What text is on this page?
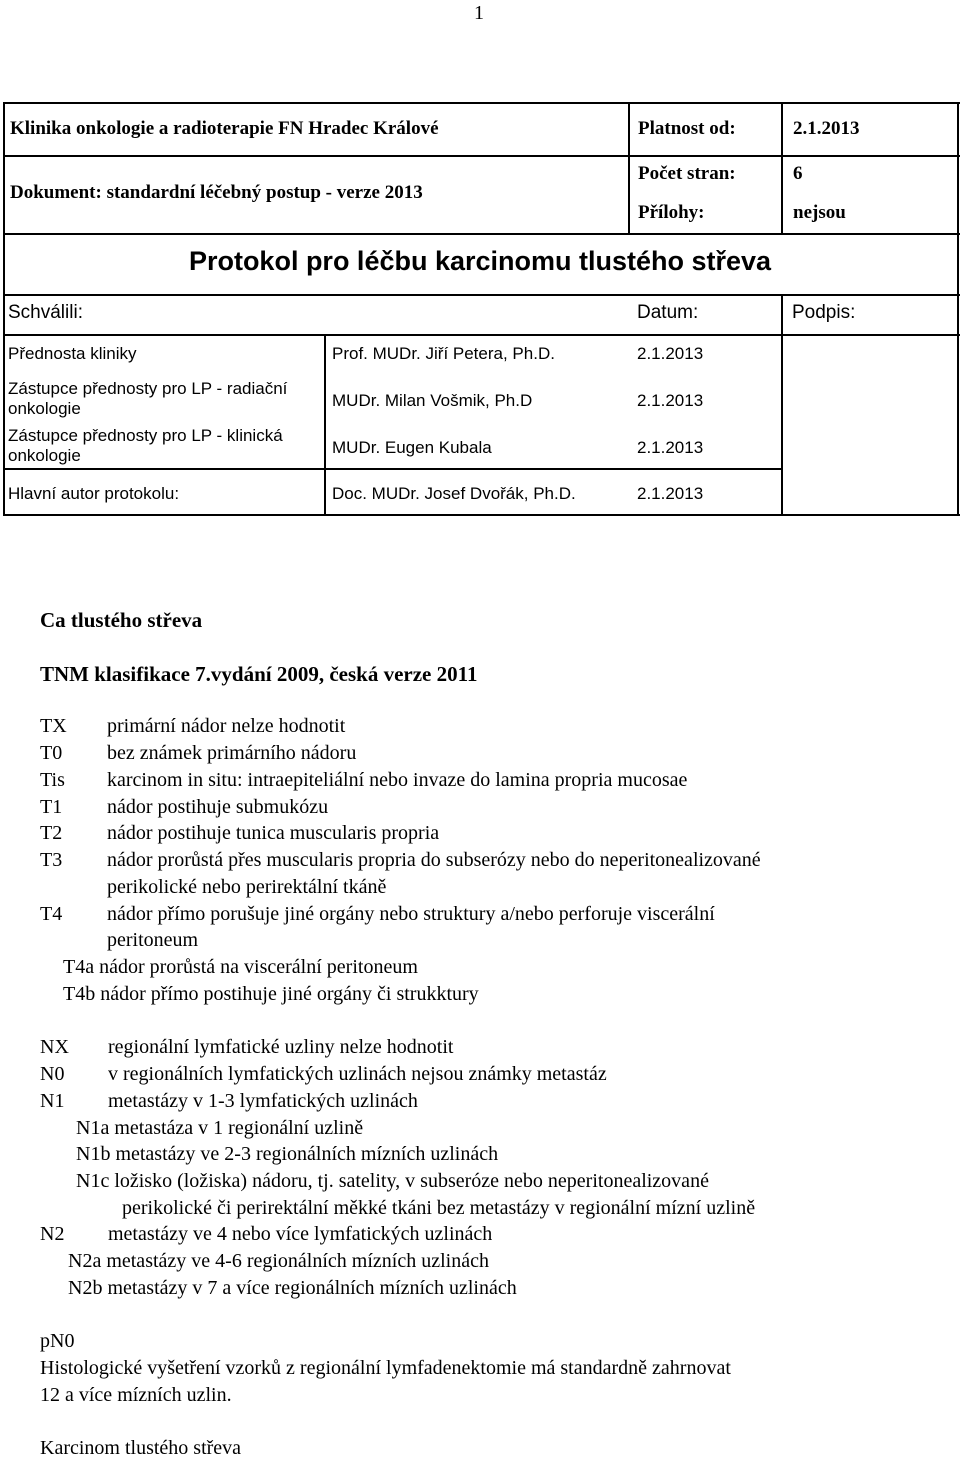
1
Klinika onkologie a radioterapie FN Hradec Králové	Platnost od:	2.1.2013
Dokument: standardní léčebný postup - verze 2013
Počet stran:	6
Přílohy:	nejsou
Protokol pro léčbu karcinomu tlustého střeva
Schválili:	Datum:	Podpis:
Přednosta kliniky	Prof. MUDr. Jiří Petera, Ph.D.	2.1.2013
Zástupce přednosty pro LP - radiační onkologie	MUDr. Milan Vošmik, Ph.D	2.1.2013
Zástupce přednosty pro LP - klinická onkologie	MUDr. Eugen Kubala	2.1.2013
Hlavní autor protokolu:	Doc. MUDr. Josef Dvořák, Ph.D.	2.1.2013
Ca tlustého střeva
TNM klasifikace 7.vydání 2009, česká verze 2011
TX primární nádor nelze hodnotit
T0 bez známek primárního nádoru
Tis karcinom in situ: intraepiteliální nebo invaze do lamina propria mucosae
T1 nádor postihuje submukózu
T2 nádor postihuje tunica muscularis propria
T3 nádor prorůstá přes muscularis propria do subserózy nebo do neperitonealizované
perikolické nebo perirektální tkáně
T4 nádor přímo porušuje jiné orgány nebo struktury a/nebo perforuje viscerální
peritoneum
T4a nádor prorůstá na viscerální peritoneum
T4b nádor přímo postihuje jiné orgány či strukktury
NX regionální lymfatické uzliny nelze hodnotit
N0 v regionálních lymfatických uzlinách nejsou známky metastáz
N1 metastázy v 1-3 lymfatických uzlinách
N1a metastáza v 1 regionální uzlině
N1b metastázy ve 2-3 regionálních mízních uzlinách
N1c ložisko (ložiska) nádoru, tj. satelity, v subseróze nebo neperitonealizované
perikolické či perirektální měkké tkáni bez metastázy v regionální mízní uzlině
N2 metastázy ve 4 nebo více lymfatických uzlinách
N2a metastázy ve 4-6 regionálních mízních uzlinách
N2b metastázy v 7 a více regionálních mízních uzlinách
pN0
Histologické vyšetření vzorků z regionální lymfadenektomie má standardně zahrnovat
12 a více mízních uzlin.
Karcinom tlustého střeva
